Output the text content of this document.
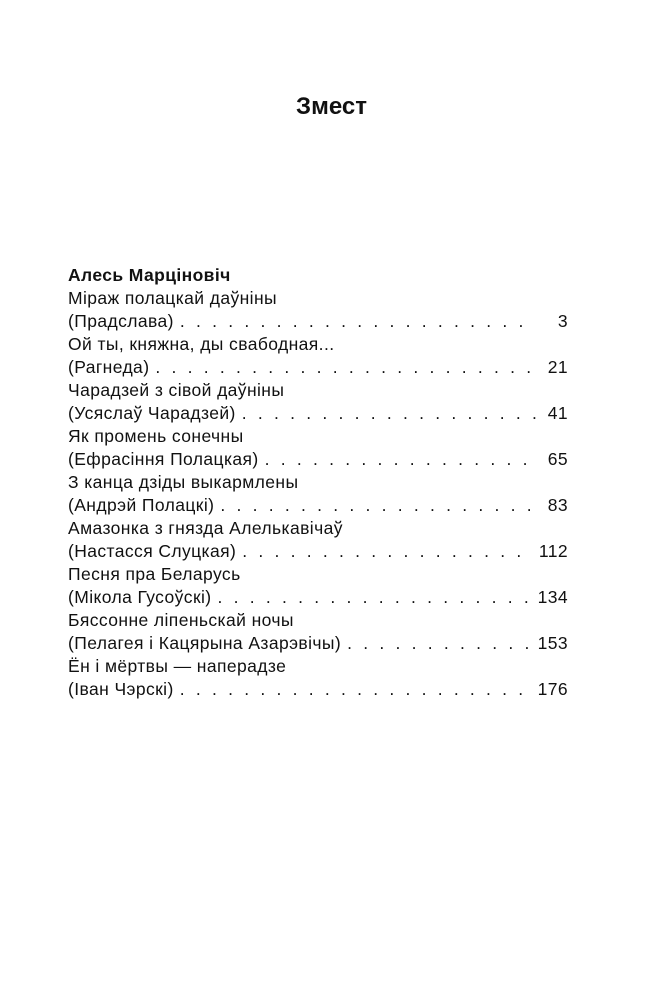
Змест
Алесь Марціновіч
Міраж полацкай даўніны
(Прадслава) . . .	3
Ой ты, княжна, ды свабодная...
(Рагнеда) . . .	21
Чарадзей з сівой даўніны
(Усяслаў Чарадзей) . . .	41
Як промень сонечны
(Ефрасіння Полацкая) . . .	65
З канца дзіды выкармлены
(Андрэй Полацкі) . . .	83
Амазонка з гнязда Алелькавічаў
(Настасся Слуцкая) . . .	112
Песня пра Беларусь
(Мікола Гусоўскі) . . .	134
Бяссонне ліпеньскай ночы
(Пелагея і Кацярына Азарэвічы) . . .	153
Ён і мёртвы — наперадзе
(Іван Чэрскі) . . .	176
